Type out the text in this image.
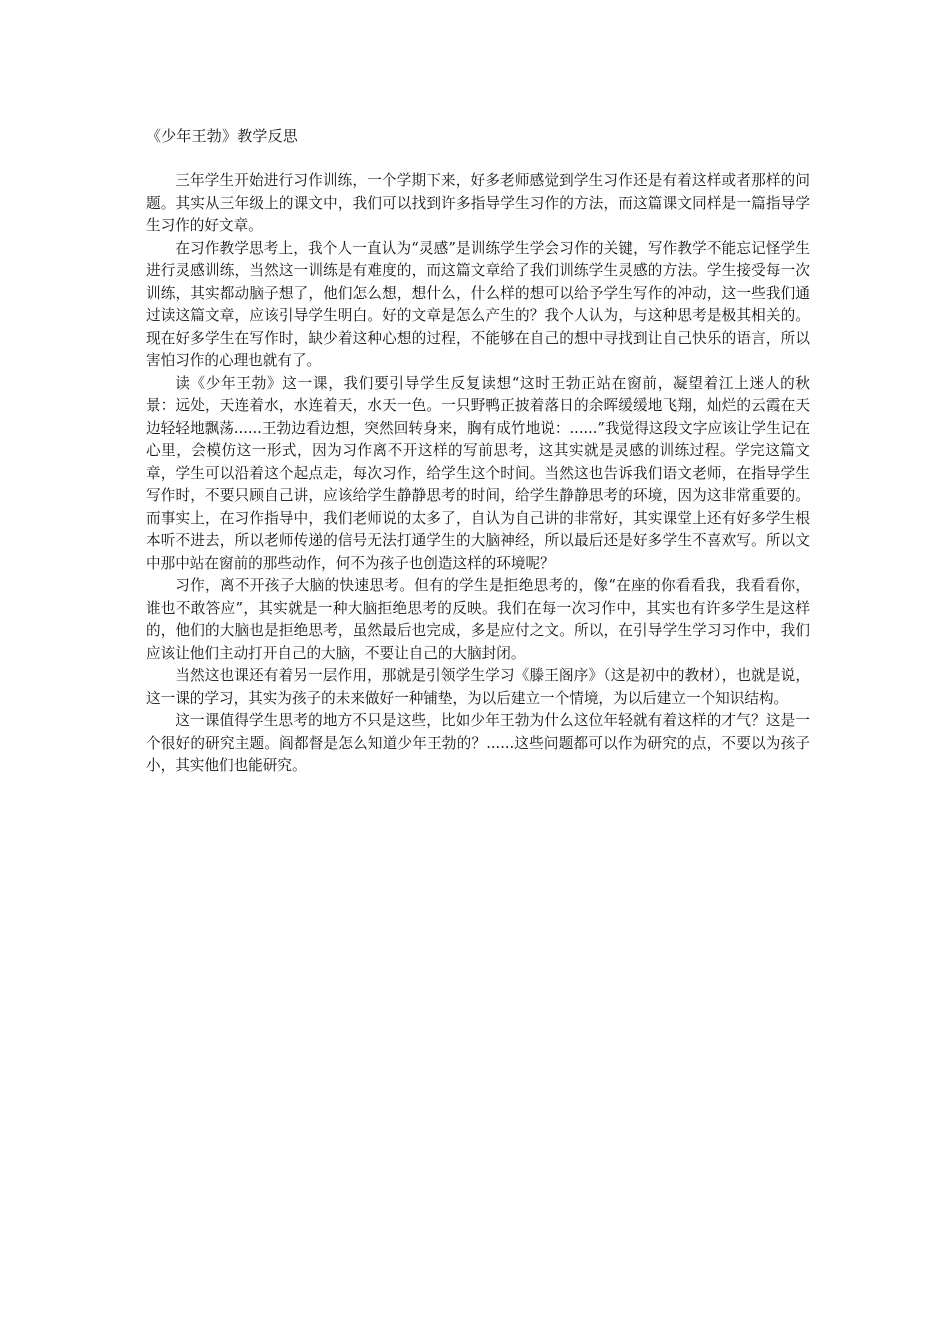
《少年王勃》教学反思

三年学生开始进行习作训练，一个学期下来，好多老师感觉到学生习作还是有着这样或者那样的问题。其实从三年级上的课文中，我们可以找到许多指导学生习作的方法，而这篇课文同样是一篇指导学生习作的好文章。

在习作教学思考上，我个人一直认为“灵感”是训练学生学会习作的关键，写作教学不能忘记怪学生进行灵感训练，当然这一训练是有难度的，而这篇文章给了我们训练学生灵感的方法。学生接受每一次训练，其实都动脑子想了，他们怎么想，想什么，什么样的想可以给予学生写作的冲动，这一些我们通过读这篇文章，应该引导学生明白。好的文章是怎么产生的？我个人认为，与这种思考是极其相关的。现在好多学生在写作时，缺少着这种心想的过程，不能够在自己的想中寻找到让自己快乐的语言，所以害怕习作的心理也就有了。

读《少年王勃》这一课，我们要引导学生反复读想“这时王勃正站在窗前，凝望着江上迷人的秋景：远处，天连着水，水连着天，水天一色。一只野鸭正披着落日的余晖缓缓地飞翔，灿烂的云霞在天边轻轻地飘荡......王勃边看边想，突然回转身来，胸有成竹地说：......”我觉得这段文字应该让学生记在心里，会模仿这一形式，因为习作离不开这样的写前思考，这其实就是灵感的训练过程。学完这篇文章，学生可以沿着这个起点走，每次习作，给学生这个时间。当然这也告诉我们语文老师，在指导学生写作时，不要只顾自己讲，应该给学生静静思考的时间，给学生静静思考的环境，因为这非常重要的。而事实上，在习作指导中，我们老师说的太多了，自认为自己讲的非常好，其实课堂上还有好多学生根本听不进去，所以老师传递的信号无法打通学生的大脑神经，所以最后还是好多学生不喜欢写。所以文中那中站在窗前的那些动作，何不为孩子也创造这样的环境呢？

习作，离不开孩子大脑的快速思考。但有的学生是拒绝思考的，像“在座的你看看我，我看看你，谁也不敢答应”，其实就是一种大脑拒绝思考的反映。我们在每一次习作中，其实也有许多学生是这样的，他们的大脑也是拒绝思考，虽然最后也完成，多是应付之文。所以，在引导学生学习习作中，我们应该让他们主动打开自己的大脑，不要让自己的大脑封闭。

当然这也课还有着另一层作用，那就是引领学生学习《滕王阁序》（这是初中的教材），也就是说，这一课的学习，其实为孩子的未来做好一种铺垫，为以后建立一个情境，为以后建立一个知识结构。

这一课值得学生思考的地方不只是这些，比如少年王勃为什么这位年轻就有着这样的才气？这是一个很好的研究主题。阎都督是怎么知道少年王勃的？......这些问题都可以作为研究的点，不要以为孩子小，其实他们也能研究。
